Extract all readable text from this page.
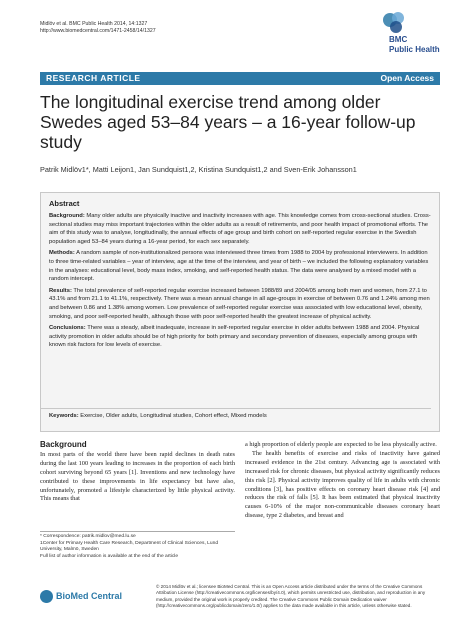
Midlöv et al. BMC Public Health 2014, 14:1327
http://www.biomedcentral.com/1471-2458/14/1327
BMC
Public Health
RESEARCH ARTICLE	Open Access
The longitudinal exercise trend among older Swedes aged 53–84 years – a 16-year follow-up study
Patrik Midlöv1*, Matti Leijon1, Jan Sundquist1,2, Kristina Sundquist1,2 and Sven-Erik Johansson1
Abstract

Background: Many older adults are physically inactive and inactivity increases with age. This knowledge comes from cross-sectional studies. Cross-sectional studies may miss important trajectories within the older adults as a result of retirements, and poor health impact of promotional efforts. The aim of this study was to analyse, longitudinally, the annual effects of age group and birth cohort on self-reported regular exercise in the Swedish population aged 53–84 years during a 16-year period, for each sex separately.

Methods: A random sample of non-institutionalized persons was interviewed three times from 1988 to 2004 by professional interviewers. In addition to three time-related variables – year of interview, age at the time of the interview, and year of birth – we included the following explanatory variables in the analyses: educational level, body mass index, smoking, and self-reported health status. The data were analysed by a mixed model with a random intercept.

Results: The total prevalence of self-reported regular exercise increased between 1988/89 and 2004/05 among both men and women, from 27.1 to 43.1% and from 21.1 to 41.1%, respectively. There was a mean annual change in all age-groups in exercise of between 0.76 and 1.24% among men and between 0.86 and 1.38% among women. Low prevalence of self-reported regular exercise was associated with low educational level, obesity, smoking, and poor self-reported health, although those with poor self-reported health the greatest increase of physical activity.

Conclusions: There was a steady, albeit inadequate, increase in self-reported regular exercise in older adults between 1988 and 2004. Physical activity promotion in older adults should be of high priority for both primary and secondary prevention of diseases, especially among groups with known risk factors for low levels of exercise.

Keywords: Exercise, Older adults, Longitudinal studies, Cohort effect, Mixed models
Background

In most parts of the world there have been rapid declines in death rates during the last 100 years leading to increases in the proportion of each birth cohort surviving beyond 65 years [1]. Inventions and new technology have contributed to these improvements in life expectancy but have also, unfortunately, promoted a lifestyle characterized by little physical activity. This means that

a high proportion of elderly people are expected to be less physically active.

The health benefits of exercise and risks of inactivity have gained increased evidence in the 21st century. Advancing age is associated with increased risk for chronic diseases, but physical activity significantly reduces this risk [2]. Physical activity improves quality of life in adults with chronic conditions [3], has positive effects on coronary heart disease risk [4] and reduces the risk of falls [5]. It has been estimated that physical inactivity causes 6-10% of the major non-communicable diseases coronary heart disease, type 2 diabetes, and breast and

* Correspondence: patrik.midlov@med.lu.se
1Center for Primary Health Care Research, Department of Clinical Sciences, Lund University, Malmö, Sweden
Full list of author information is available at the end of the article
BioMed Central
© 2014 Midlöv et al.; licensee BioMed Central. This is an Open Access article distributed under the terms of the Creative Commons Attribution License (http://creativecommons.org/licenses/by/4.0), which permits unrestricted use, distribution, and reproduction in any medium, provided the original work is properly credited. The Creative Commons Public Domain Dedication waiver (http://creativecommons.org/publicdomain/zero/1.0/) applies to the data made available in this article, unless otherwise stated.
